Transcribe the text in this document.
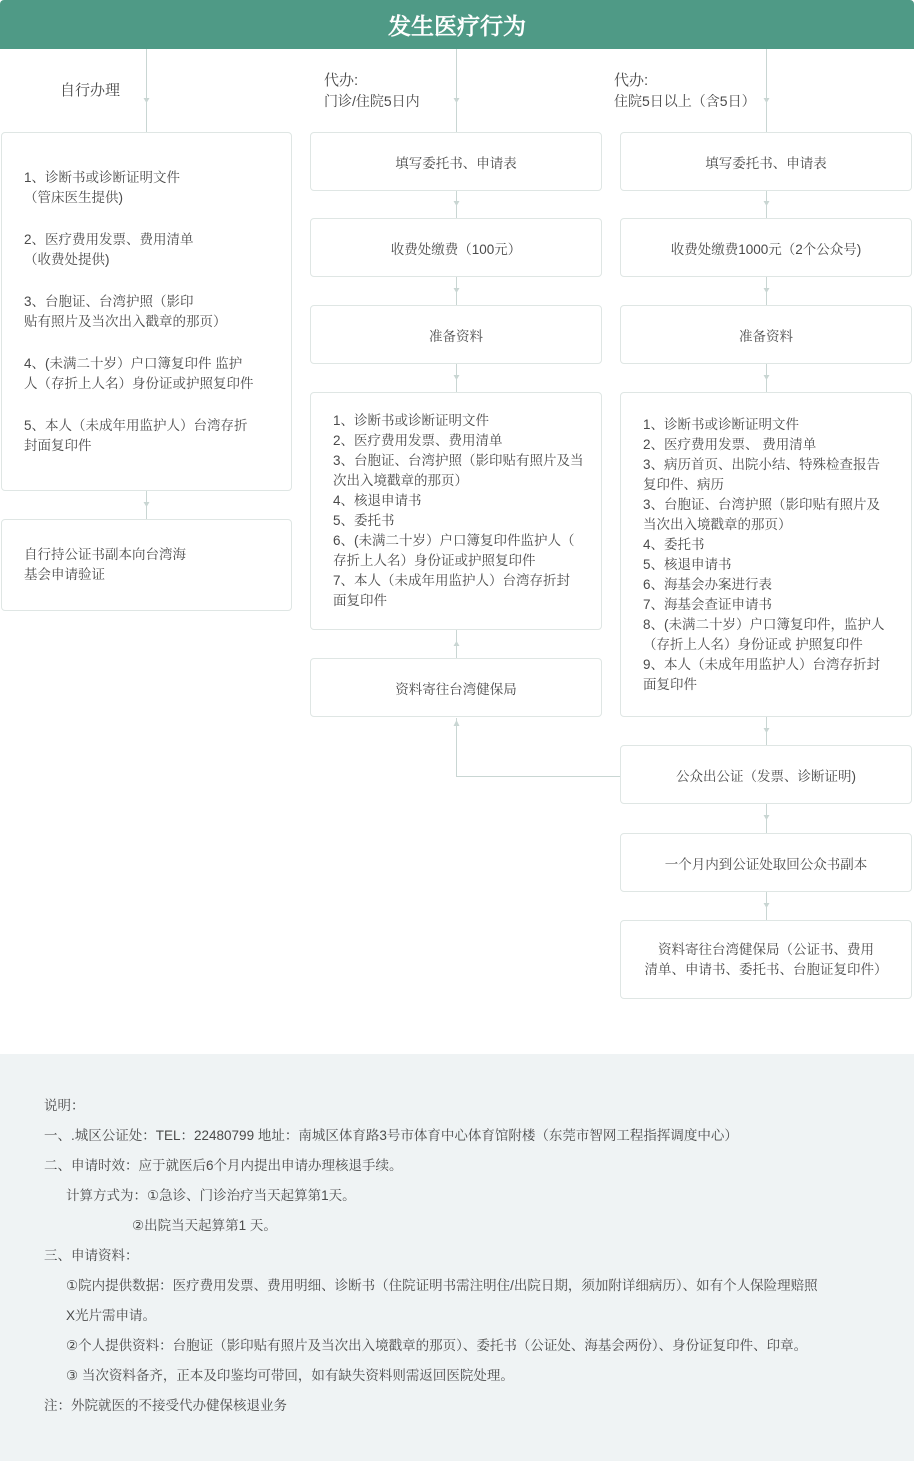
发生医疗行为
自行办理
代办:
门诊/住院5日内
代办:
住院5日以上（含5日）
1、诊断书或诊断证明文件
（管床医生提供)
2、医疗费用发票、费用清单
（收费处提供)
3、台胞证、台湾护照（影印
贴有照片及当次出入戳章的那页）
4、(未满二十岁）户口簿复印件 监护
人（存折上人名）身份证或护照复印件
5、本人（未成年用监护人）台湾存折
封面复印件
自行持公证书副本向台湾海
基会申请验证
填写委托书、申请表
收费处缴费（100元）
准备资料
1、诊断书或诊断证明文件
2、医疗费用发票、费用清单
3、台胞证、台湾护照（影印贴有照片及当
次出入境戳章的那页）
4、核退申请书
5、委托书
6、(未满二十岁）户口簿复印件监护人（
存折上人名）身份证或护照复印件
7、本人（未成年用监护人）台湾存折封
面复印件
资料寄往台湾健保局
填写委托书、申请表
收费处缴费1000元（2个公众号)
准备资料
1、诊断书或诊断证明文件
2、医疗费用发票、 费用清单
3、病历首页、出院小结、特殊检查报告
复印件、病历
3、台胞证、台湾护照（影印贴有照片及
当次出入境戳章的那页）
4、委托书
5、核退申请书
6、海基会办案进行表
7、海基会查证申请书
8、(未满二十岁）户口簿复印件，监护人
（存折上人名）身份证或 护照复印件
9、本人（未成年用监护人）台湾存折封
面复印件
公众出公证（发票、诊断证明)
一个月内到公证处取回公众书副本
资料寄往台湾健保局（公证书、费用
清单、申请书、委托书、台胞证复印件）
说明：
一、.城区公证处：TEL：22480799 地址：南城区体育路3号市体育中心体育馆附楼（东莞市智网工程指挥调度中心）
二、申请时效：应于就医后6个月内提出申请办理核退手续。
计算方式为：①急诊、门诊治疗当天起算第1天。
②出院当天起算第1 天。
三、申请资料：
①院内提供数据：医疗费用发票、费用明细、诊断书（住院证明书需注明住/出院日期，须加附详细病历）、如有个人保险理赔照
X光片需申请。
②个人提供资料：台胞证（影印贴有照片及当次出入境戳章的那页）、委托书（公证处、海基会两份）、身份证复印件、印章。
③ 当次资料备齐，正本及印鉴均可带回，如有缺失资料则需返回医院处理。
注：外院就医的不接受代办健保核退业务
